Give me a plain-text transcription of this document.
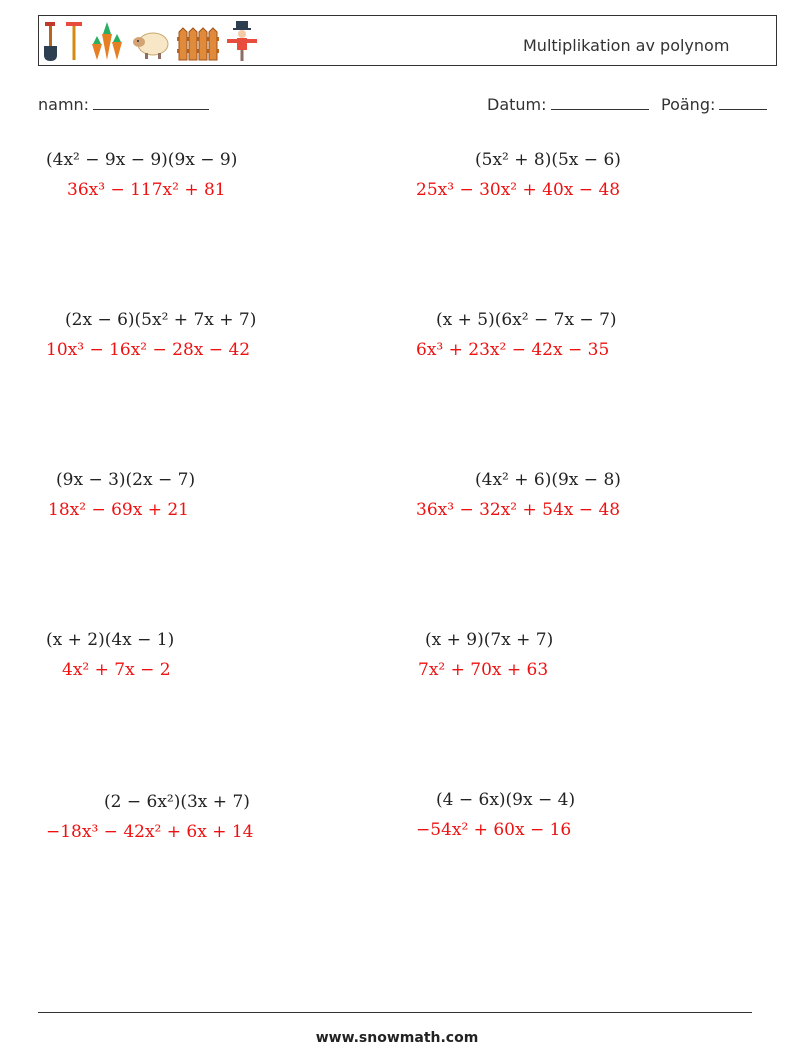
Multiplikation av polynom
namn:	Datum:	Poäng:
(4x² − 9x − 9)(9x − 9)
36x³ − 117x² + 81
(5x² + 8)(5x − 6)
25x³ − 30x² + 40x − 48
(2x − 6)(5x² + 7x + 7)
10x³ − 16x² − 28x − 42
(x + 5)(6x² − 7x − 7)
6x³ + 23x² − 42x − 35
(9x − 3)(2x − 7)
18x² − 69x + 21
(4x² + 6)(9x − 8)
36x³ − 32x² + 54x − 48
(x + 2)(4x − 1)
4x² + 7x − 2
(x + 9)(7x + 7)
7x² + 70x + 63
(2 − 6x²)(3x + 7)
−18x³ − 42x² + 6x + 14
(4 − 6x)(9x − 4)
−54x² + 60x − 16
www.snowmath.com
